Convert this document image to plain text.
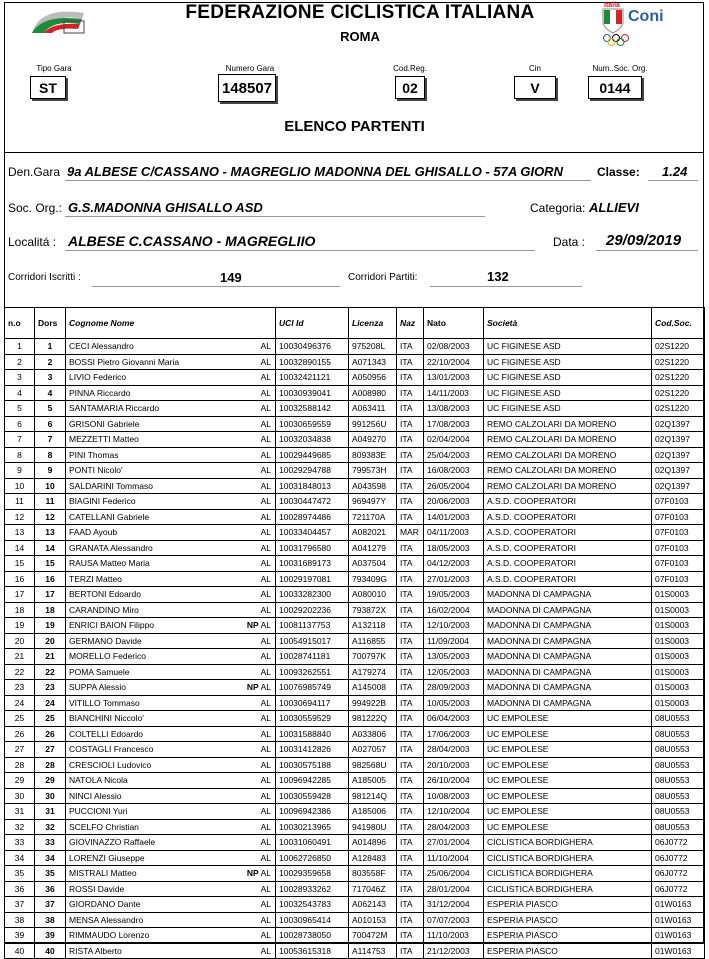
FEDERAZIONE CICLISTICA ITALIANA
ROMA
Italia
Coni
Tipo Gara
ST
Numero Gara
148507
Cod.Reg.
02
Cin
V
Num..Soc. Org.
0144
ELENCO PARTENTI
Den.Gara 9a ALBESE C/CASSANO - MAGREGLIO MADONNA DEL GHISALLO - 57A GIORN	Classe: 1.24
Soc. Org.: G.S.MADONNA GHISALLO ASD	Categoria: ALLIEVI
Localitá : ALBESE C.CASSANO - MAGREGLIIO	Data : 29/09/2019
Corridori Iscritti :	149	Corridori Partiti:	132
n.o	Dors	Cognome Nome	UCI Id	Licenza	Naz	Nato	Società	Cod.Soc.
1	1	CECI Alessandro AL	10030496376	975208L	ITA	02/08/2003	UC FIGINESE ASD	02S1220
2	2	BOSSI Pietro Giovanni Maria AL	10032890155	A071343	ITA	22/10/2004	UC FIGINESE ASD	02S1220
3	3	LIVIO Federico AL	10032421121	A050956	ITA	13/01/2003	UC FIGINESE ASD	02S1220
4	4	PINNA Riccardo AL	10030939041	A008980	ITA	14/11/2003	UC FIGINESE ASD	02S1220
5	5	SANTAMARIA Riccardo AL	10032588142	A063411	ITA	13/08/2003	UC FIGINESE ASD	02S1220
6	6	GRISONI Gabriele AL	10030659559	991256U	ITA	17/08/2003	REMO CALZOLARI DA MORENO	02Q1397
7	7	MEZZETTI Matteo AL	10032034838	A049270	ITA	02/04/2004	REMO CALZOLARI DA MORENO	02Q1397
8	8	PINI Thomas AL	10029449685	809383E	ITA	25/04/2003	REMO CALZOLARI DA MORENO	02Q1397
9	9	PONTI Nicolo' AL	10029294788	799573H	ITA	16/08/2003	REMO CALZOLARI DA MORENO	02Q1397
10	10	SALDARINI Tommaso AL	10031848013	A043598	ITA	26/05/2004	REMO CALZOLARI DA MORENO	02Q1397
11	11	BIAGINI Federico AL	10030447472	969497Y	ITA	20/06/2003	A.S.D. COOPERATORI	07F0103
12	12	CATELLANI Gabriele AL	10028974486	721170A	ITA	14/01/2003	A.S.D. COOPERATORI	07F0103
13	13	FAAD Ayoub AL	10033404457	A082021	MAR	04/11/2003	A.S.D. COOPERATORI	07F0103
14	14	GRANATA Alessandro AL	10031796580	A041279	ITA	18/05/2003	A.S.D. COOPERATORI	07F0103
15	15	RAUSA Matteo Maria AL	10031689173	A037504	ITA	04/12/2003	A.S.D. COOPERATORI	07F0103
16	16	TERZI Matteo AL	10029197081	793409G	ITA	27/01/2003	A.S.D. COOPERATORI	07F0103
17	17	BERTONI Edoardo AL	10033282300	A080010	ITA	19/05/2003	MADONNA DI CAMPAGNA	01S0003
18	18	CARANDINO Miro AL	10029202236	793872X	ITA	16/02/2004	MADONNA DI CAMPAGNA	01S0003
19	19	ENRICI BAION Filippo NP AL	10081137753	A132118	ITA	12/10/2003	MADONNA DI CAMPAGNA	01S0003
20	20	GERMANO Davide AL	10054915017	A116855	ITA	11/09/2004	MADONNA DI CAMPAGNA	01S0003
21	21	MORELLO Federico AL	10028741181	700797K	ITA	13/05/2003	MADONNA DI CAMPAGNA	01S0003
22	22	POMA Samuele AL	10093262551	A179274	ITA	12/05/2003	MADONNA DI CAMPAGNA	01S0003
23	23	SUPPA Alessio NP AL	10076985749	A145008	ITA	28/09/2003	MADONNA DI CAMPAGNA	01S0003
24	24	VITILLO Tommaso AL	10030694117	994922B	ITA	10/05/2003	MADONNA DI CAMPAGNA	01S0003
25	25	BIANCHINI Niccolo' AL	10030559529	981222Q	ITA	06/04/2003	UC EMPOLESE	08U0553
26	26	COLTELLI Edoardo AL	10031588840	A033806	ITA	17/06/2003	UC EMPOLESE	08U0553
27	27	COSTAGLI Francesco AL	10031412826	A027057	ITA	28/04/2003	UC EMPOLESE	08U0553
28	28	CRESCIOLI Ludovico AL	10030575188	982568U	ITA	20/10/2003	UC EMPOLESE	08U0553
29	29	NATOLA Nicola AL	10096942285	A185005	ITA	26/10/2004	UC EMPOLESE	08U0553
30	30	NINCI Alessio AL	10030559428	981214Q	ITA	10/08/2003	UC EMPOLESE	08U0553
31	31	PUCCIONI Yuri AL	10096942386	A185006	ITA	12/10/2004	UC EMPOLESE	08U0553
32	32	SCELFO Christian AL	10030213965	941980U	ITA	28/04/2003	UC EMPOLESE	08U0553
33	33	GIOVINAZZO Raffaele AL	10031060491	A014896	ITA	27/01/2004	CICLISTICA BORDIGHERA	06J0772
34	34	LORENZI Giuseppe AL	10062726850	A128483	ITA	11/10/2004	CICLISTICA BORDIGHERA	06J0772
35	35	MISTRALI Matteo NP AL	10029359658	803558F	ITA	25/06/2004	CICLISTICA BORDIGHERA	06J0772
36	36	ROSSI Davide AL	10028933262	717046Z	ITA	28/01/2004	CICLISTICA BORDIGHERA	06J0772
37	37	GIORDANO Dante AL	10032543783	A062143	ITA	31/12/2004	ESPERIA PIASCO	01W0163
38	38	MENSA Alessandro AL	10030965414	A010153	ITA	07/07/2003	ESPERIA PIASCO	01W0163
39	39	RIMMAUDO Lorenzo AL	10028738050	700472M	ITA	11/10/2003	ESPERIA PIASCO	01W0163
40	40	RISTA Alberto AL	10053615318	A114753	ITA	21/12/2003	ESPERIA PIASCO	01W0163
